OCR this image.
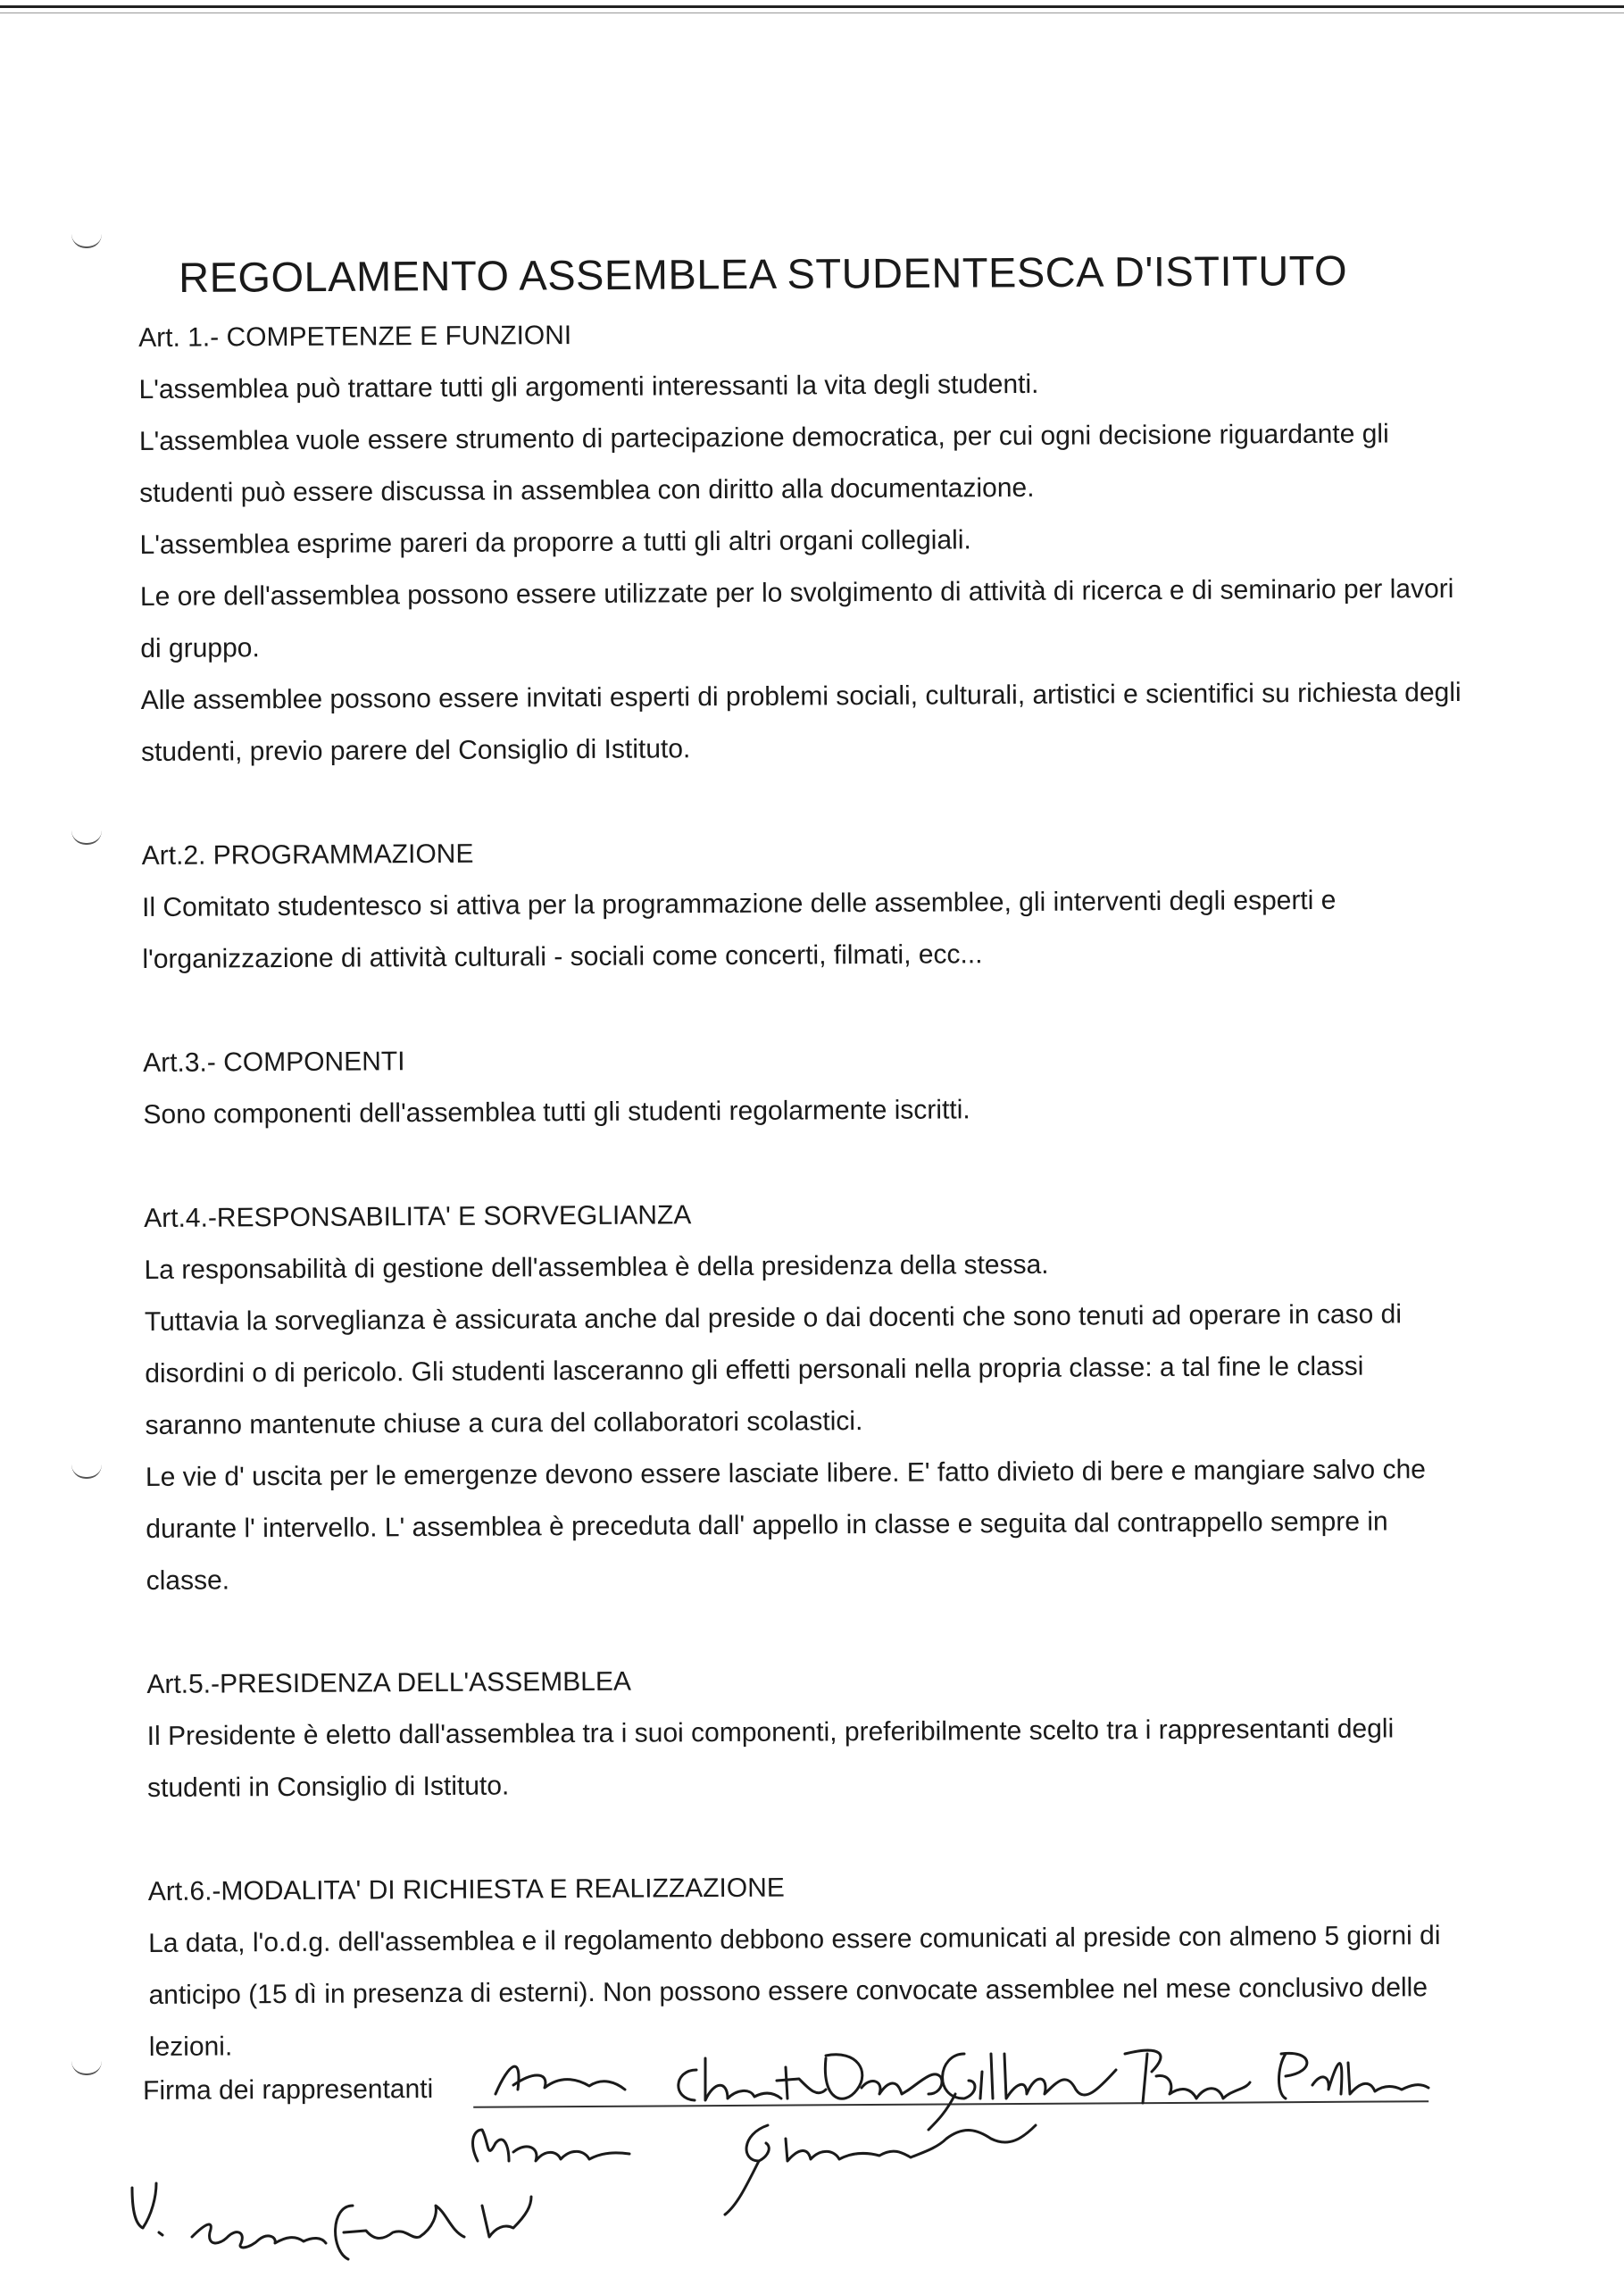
REGOLAMENTO ASSEMBLEA STUDENTESCA D'ISTITUTO
Art. 1.- COMPETENZE E FUNZIONI

L'assemblea può trattare tutti gli argomenti interessanti la vita degli studenti.

L'assemblea vuole essere strumento di partecipazione democratica, per cui ogni decisione riguardante gli studenti può essere discussa in assemblea con diritto alla documentazione.

L'assemblea esprime pareri da proporre a tutti gli altri organi collegiali.

Le ore dell'assemblea possono essere utilizzate per lo svolgimento di attività di ricerca e di seminario per lavori di gruppo.

Alle assemblee possono essere invitati esperti di problemi sociali, culturali, artistici e scientifici su richiesta degli studenti, previo parere del Consiglio di Istituto.

Art.2. PROGRAMMAZIONE

Il Comitato studentesco si attiva per la programmazione delle assemblee, gli interventi degli esperti e l'organizzazione di attività culturali - sociali come concerti, filmati, ecc...

Art.3.- COMPONENTI

Sono componenti dell'assemblea tutti gli studenti regolarmente iscritti.

Art.4.-RESPONSABILITA' E SORVEGLIANZA

La responsabilità di gestione dell'assemblea è della presidenza della stessa.

Tuttavia la sorveglianza è assicurata anche dal preside o dai docenti che sono tenuti ad operare in caso di disordini o di pericolo. Gli studenti lasceranno gli effetti personali nella propria classe: a tal fine le classi saranno mantenute chiuse a cura del collaboratori scolastici.

Le vie d' uscita per le emergenze devono essere lasciate libere. E' fatto divieto di bere e mangiare salvo che durante l' intervello. L' assemblea è preceduta dall' appello in classe e seguita dal contrappello sempre in classe.

Art.5.-PRESIDENZA DELL'ASSEMBLEA

Il Presidente è eletto dall'assemblea tra i suoi componenti, preferibilmente scelto tra i rappresentanti degli studenti in Consiglio di Istituto.

Art.6.-MODALITA' DI RICHIESTA E REALIZZAZIONE

La data, l'o.d.g. dell'assemblea e il regolamento debbono essere comunicati al preside con almeno 5 giorni di anticipo (15 dì in presenza di esterni). Non possono essere convocate assemblee nel mese conclusivo delle lezioni.

Firma dei rappresentanti
